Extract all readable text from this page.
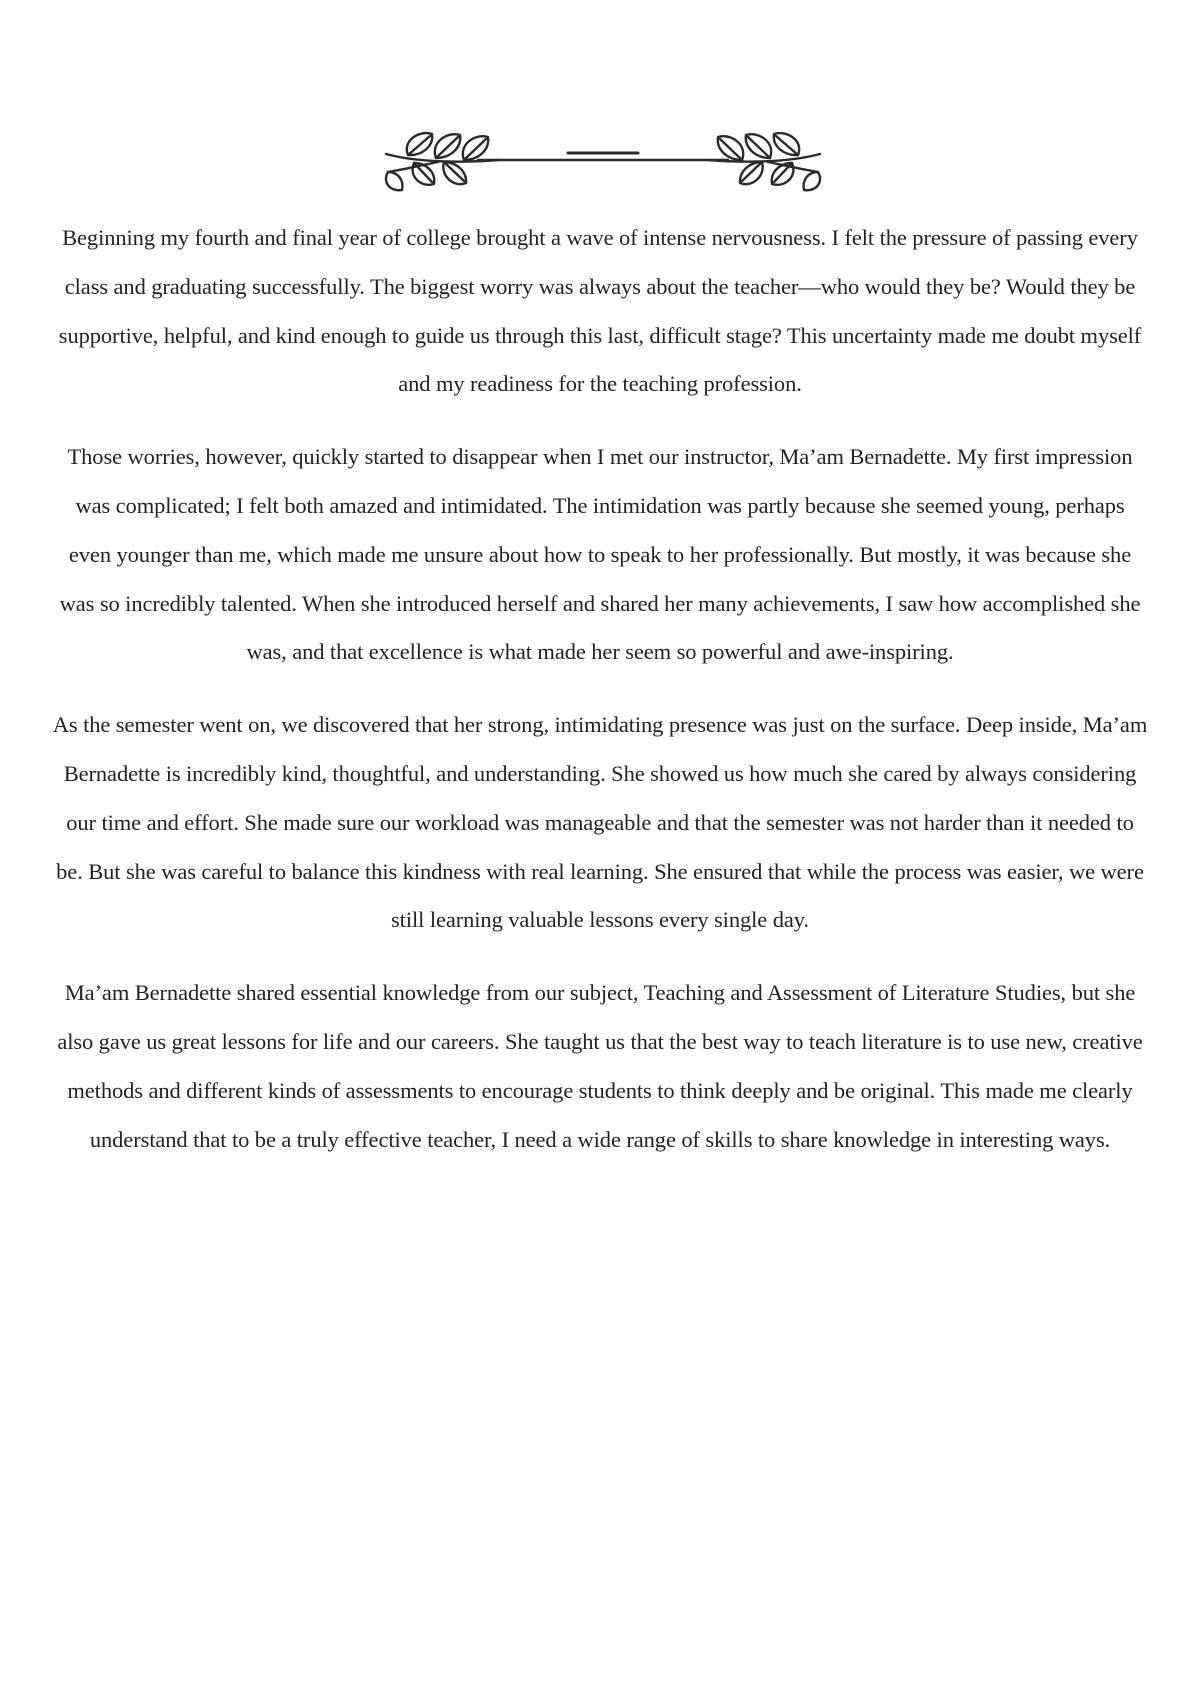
Beginning my fourth and final year of college brought a wave of intense nervousness. I felt the pressure of passing every class and graduating successfully. The biggest worry was always about the teacher—who would they be? Would they be supportive, helpful, and kind enough to guide us through this last, difficult stage? This uncertainty made me doubt myself and my readiness for the teaching profession.

Those worries, however, quickly started to disappear when I met our instructor, Ma’am Bernadette. My first impression was complicated; I felt both amazed and intimidated. The intimidation was partly because she seemed young, perhaps even younger than me, which made me unsure about how to speak to her professionally. But mostly, it was because she was so incredibly talented. When she introduced herself and shared her many achievements, I saw how accomplished she was, and that excellence is what made her seem so powerful and awe-inspiring.

As the semester went on, we discovered that her strong, intimidating presence was just on the surface. Deep inside, Ma’am Bernadette is incredibly kind, thoughtful, and understanding. She showed us how much she cared by always considering our time and effort. She made sure our workload was manageable and that the semester was not harder than it needed to be. But she was careful to balance this kindness with real learning. She ensured that while the process was easier, we were still learning valuable lessons every single day.

Ma’am Bernadette shared essential knowledge from our subject, Teaching and Assessment of Literature Studies, but she also gave us great lessons for life and our careers. She taught us that the best way to teach literature is to use new, creative methods and different kinds of assessments to encourage students to think deeply and be original. This made me clearly understand that to be a truly effective teacher, I need a wide range of skills to share knowledge in interesting ways.
